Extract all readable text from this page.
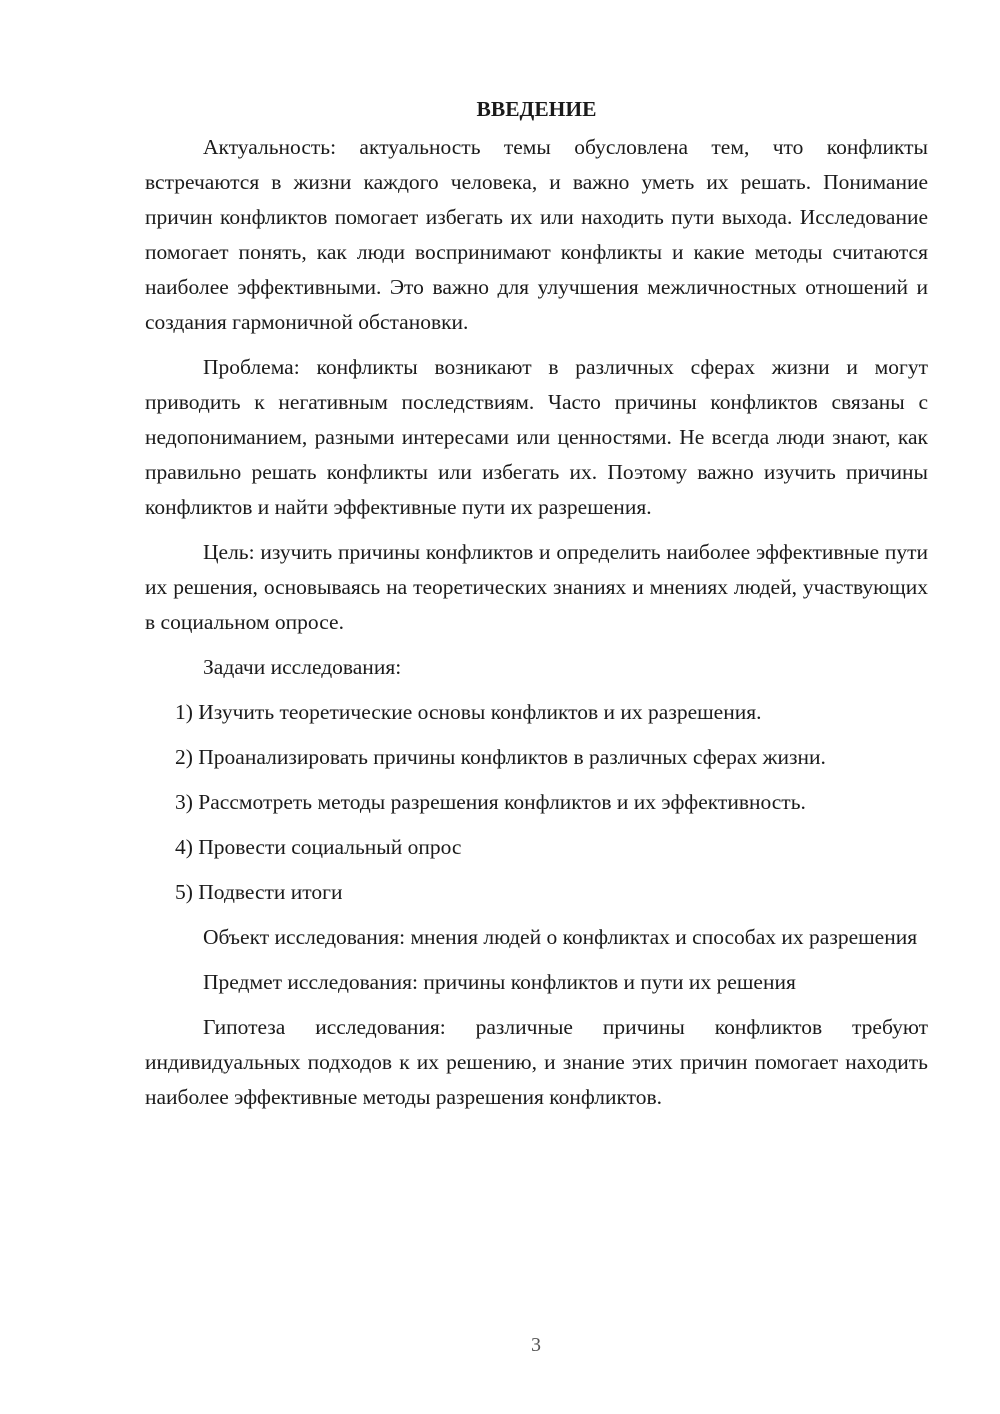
ВВЕДЕНИЕ

Актуальность: актуальность темы обусловлена тем, что конфликты встречаются в жизни каждого человека, и важно уметь их решать. Понимание причин конфликтов помогает избегать их или находить пути выхода. Исследование помогает понять, как люди воспринимают конфликты и какие методы считаются наиболее эффективными. Это важно для улучшения межличностных отношений и создания гармоничной обстановки.

Проблема: конфликты возникают в различных сферах жизни и могут приводить к негативным последствиям. Часто причины конфликтов связаны с недопониманием, разными интересами или ценностями. Не всегда люди знают, как правильно решать конфликты или избегать их. Поэтому важно изучить причины конфликтов и найти эффективные пути их разрешения.

Цель: изучить причины конфликтов и определить наиболее эффективные пути их решения, основываясь на теоретических знаниях и мнениях людей, участвующих в социальном опросе.

Задачи исследования:

1) Изучить теоретические основы конфликтов и их разрешения.

2) Проанализировать причины конфликтов в различных сферах жизни.

3) Рассмотреть методы разрешения конфликтов и их эффективность.

4) Провести социальный опрос

5) Подвести итоги

Объект исследования: мнения людей о конфликтах и способах их разрешения

Предмет исследования: причины конфликтов и пути их решения

Гипотеза исследования: различные причины конфликтов требуют индивидуальных подходов к их решению, и знание этих причин помогает находить наиболее эффективные методы разрешения конфликтов.

3
